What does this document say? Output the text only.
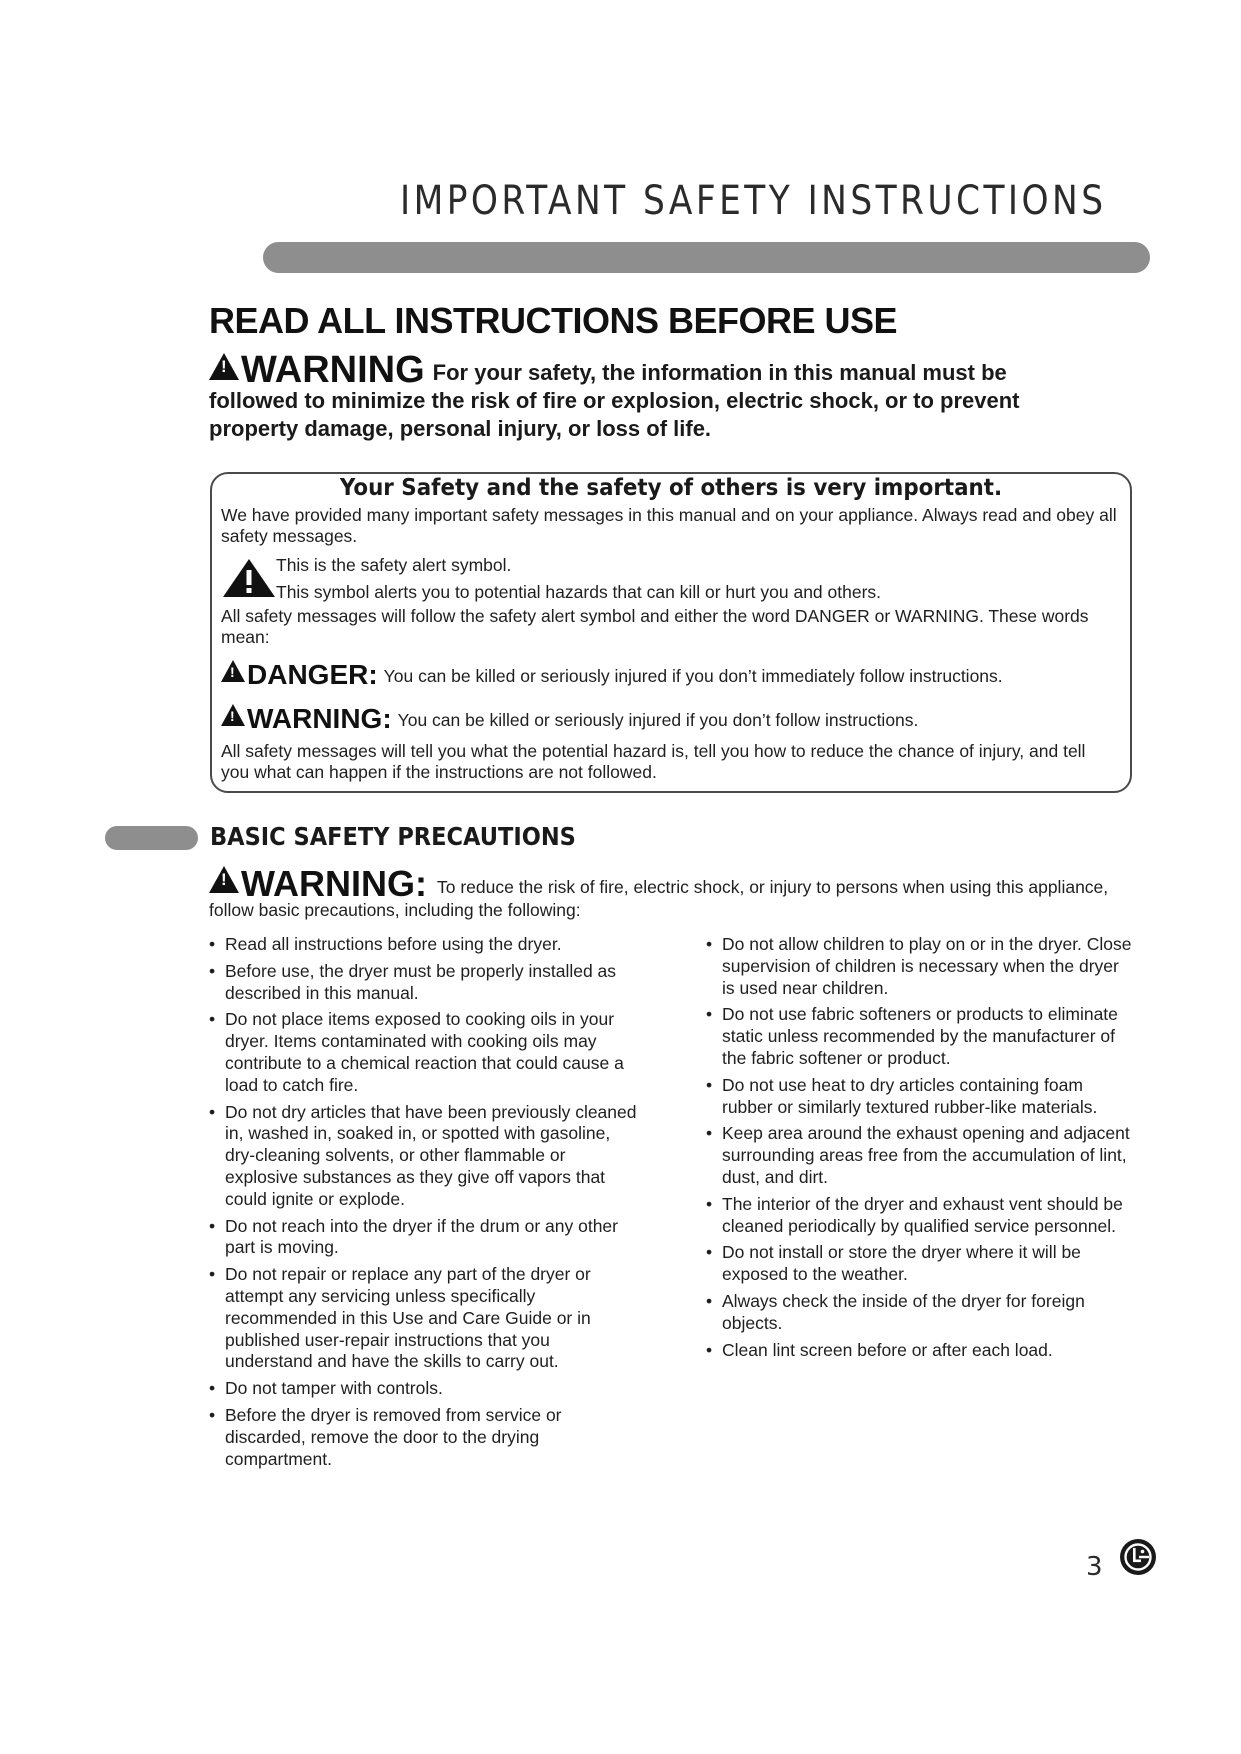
IMPORTANT SAFETY INSTRUCTIONS
READ ALL INSTRUCTIONS BEFORE USE
!WARNING For your safety, the information in this manual must be followed to minimize the risk of fire or explosion, electric shock, or to prevent property damage, personal injury, or loss of life.
Your Safety and the safety of others is very important.
We have provided many important safety messages in this manual and on your appliance. Always read and obey all safety messages.
This is the safety alert symbol.
This symbol alerts you to potential hazards that can kill or hurt you and others.
All safety messages will follow the safety alert symbol and either the word DANGER or WARNING. These words mean:
!DANGER: You can be killed or seriously injured if you don’t immediately follow instructions.
!WARNING: You can be killed or seriously injured if you don’t follow instructions.
All safety messages will tell you what the potential hazard is, tell you how to reduce the chance of injury, and tell you what can happen if the instructions are not followed.
BASIC SAFETY PRECAUTIONS
!WARNING: To reduce the risk of fire, electric shock, or injury to persons when using this appliance, follow basic precautions, including the following:
• Read all instructions before using the dryer.
• Before use, the dryer must be properly installed as described in this manual.
• Do not place items exposed to cooking oils in your dryer. Items contaminated with cooking oils may contribute to a chemical reaction that could cause a load to catch fire.
• Do not dry articles that have been previously cleaned in, washed in, soaked in, or spotted with gasoline, dry-cleaning solvents, or other flammable or explosive substances as they give off vapors that could ignite or explode.
• Do not reach into the dryer if the drum or any other part is moving.
• Do not repair or replace any part of the dryer or attempt any servicing unless specifically recommended in this Use and Care Guide or in published user-repair instructions that you understand and have the skills to carry out.
• Do not tamper with controls.
• Before the dryer is removed from service or discarded, remove the door to the drying compartment.
• Do not allow children to play on or in the dryer. Close supervision of children is necessary when the dryer is used near children.
• Do not use fabric softeners or products to eliminate static unless recommended by the manufacturer of the fabric softener or product.
• Do not use heat to dry articles containing foam rubber or similarly textured rubber-like materials.
• Keep area around the exhaust opening and adjacent surrounding areas free from the accumulation of lint, dust, and dirt.
• The interior of the dryer and exhaust vent should be cleaned periodically by qualified service personnel.
• Do not install or store the dryer where it will be exposed to the weather.
• Always check the inside of the dryer for foreign objects.
• Clean lint screen before or after each load.
3
